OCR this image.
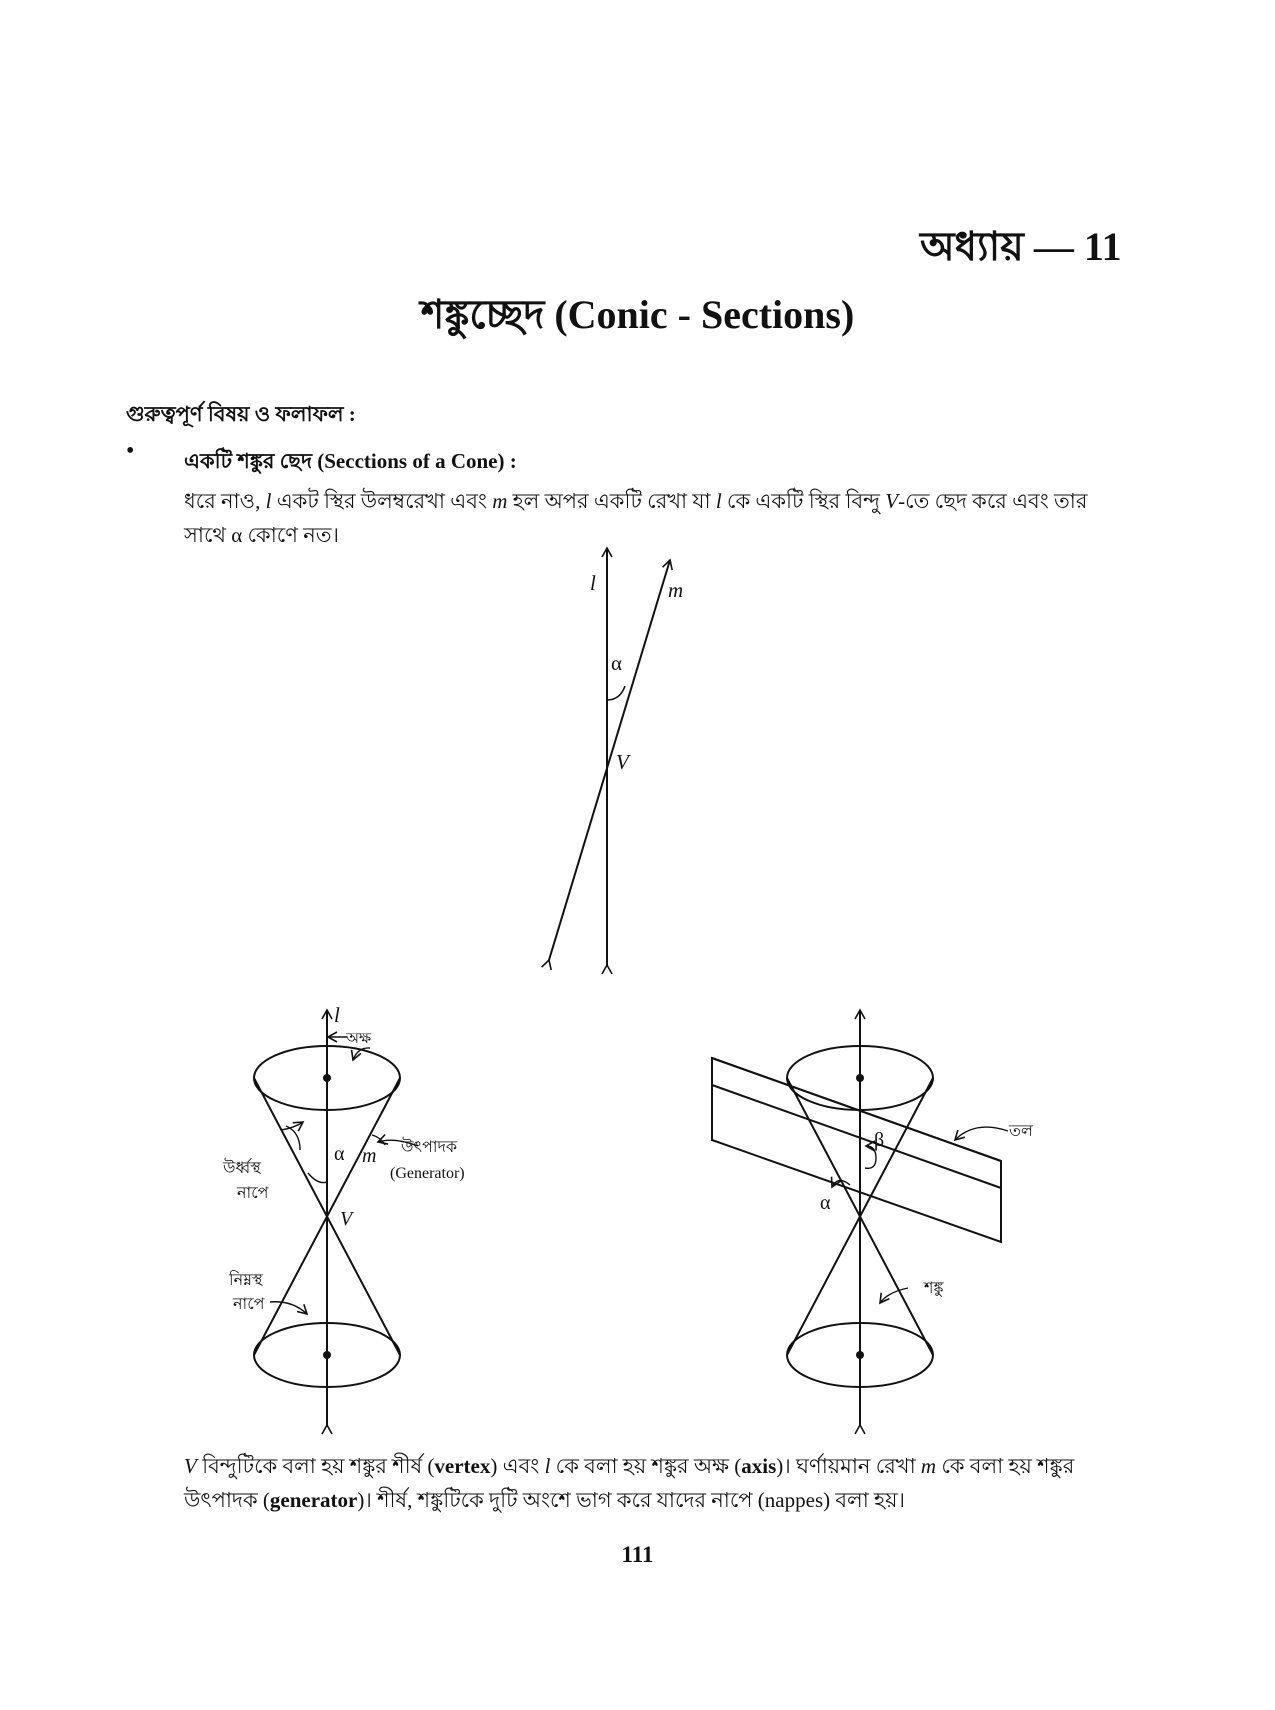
অধ্যায় — 11
শঙ্কুচ্ছেদ (Conic - Sections)
গুরুত্বপূর্ণ বিষয় ও ফলাফল :
• একটি শঙ্কুর ছেদ (Secctions of a Cone) :
ধরে নাও, l একট স্থির উলম্বরেখা এবং m হল অপর একটি রেখা যা l কে একটি স্থির বিন্দু V-তে ছেদ করে এবং তার সাথে α কোণে নত।
l	m
α
V
l
অক্ষ
উর্ধ্বস্থ
নাপে
α m উৎপাদক
(Generator)
V
নিম্নস্থ
নাপে
তল
β
α
শঙ্কু
V বিন্দুটিকে বলা হয় শঙ্কুর শীর্ষ (vertex) এবং l কে বলা হয় শঙ্কুর অক্ষ (axis)। ঘর্ণায়মান রেখা m কে বলা হয় শঙ্কুর উৎপাদক (generator)। শীর্ষ, শঙ্কুটিকে দুটি অংশে ভাগ করে যাদের নাপে (nappes) বলা হয়।
111
